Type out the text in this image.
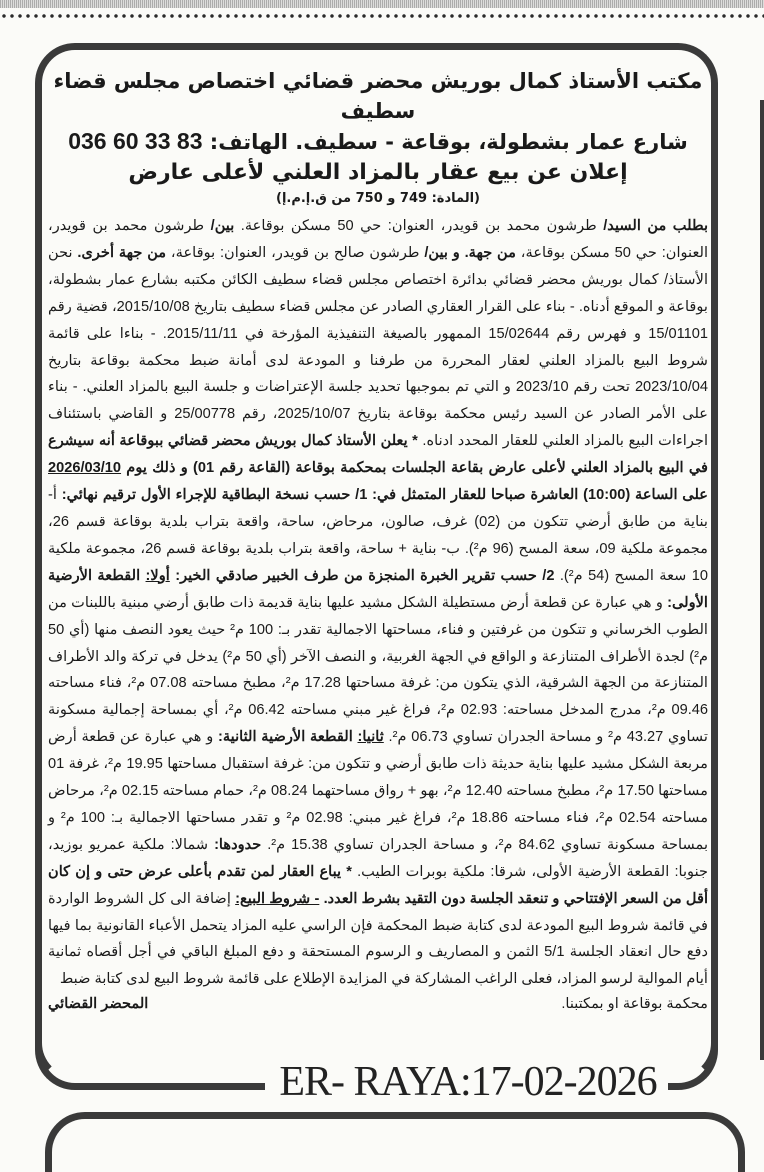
مكتب الأستاذ كمال بوريش محضر قضائي اختصاص مجلس قضاء سطيف

شارع عمار بشطولة، بوقاعة - سطيف. الهاتف: 036 60 33 83

إعلان عن بيع عقار بالمزاد العلني لأعلى عارض

(المادة: 749 و 750 من ق.إ.م.إ)

بطلب من السيد/ طرشون محمد بن قويدر، العنوان: حي 50 مسكن بوقاعة. بين/ طرشون محمد بن قويدر، العنوان: حي 50 مسكن بوقاعة، من جهة. و بين/ طرشون صالح بن قويدر، العنوان: بوقاعة، من جهة أخرى. نحن الأستاذ/ كمال بوريش محضر قضائي بدائرة اختصاص مجلس قضاء سطيف الكائن مكتبه بشارع عمار بشطولة، بوقاعة و الموقع أدناه. - بناء على القرار العقاري الصادر عن مجلس قضاء سطيف بتاريخ 2015/10/08، قضية رقم 15/01101 و فهرس رقم 15/02644 الممهور بالصيغة التنفيذية المؤرخة في 2015/11/11. - بناءا على قائمة شروط البيع بالمزاد العلني لعقار المحررة من طرفنا و المودعة لدى أمانة ضبط محكمة بوقاعة بتاريخ 2023/10/04 تحت رقم 2023/10 و التي تم بموجبها تحديد جلسة الإعتراضات و جلسة البيع بالمزاد العلني. - بناء على الأمر الصادر عن السيد رئيس محكمة بوقاعة بتاريخ 2025/10/07، رقم 25/00778 و القاضي باستئناف اجراءات البيع بالمزاد العلني للعقار المحدد ادناه. * يعلن الأستاذ كمال بوريش محضر قضائي ببوقاعة أنه سيشرع في البيع بالمزاد العلني لأعلى عارض بقاعة الجلسات بمحكمة بوقاعة (القاعة رقم 01) و ذلك يوم 2026/03/10 على الساعة (10:00) العاشرة صباحا للعقار المتمثل في: 1/ حسب نسخة البطاقية للإجراء الأول ترقيم نهائي: أ- بناية من طابق أرضي تتكون من (02) غرف، صالون، مرحاض، ساحة، واقعة بتراب بلدية بوقاعة قسم 26، مجموعة ملكية 09، سعة المسح (96 م²). ب- بناية + ساحة، واقعة بتراب بلدية بوقاعة قسم 26، مجموعة ملكية 10 سعة المسح (54 م²). 2/ حسب تقرير الخبرة المنجزة من طرف الخبير صادقي الخير: أولا: القطعة الأرضية الأولى: و هي عبارة عن قطعة أرض مستطيلة الشكل مشيد عليها بناية قديمة ذات طابق أرضي مبنية باللبنات من الطوب الخرساني و تتكون من غرفتين و فناء، مساحتها الاجمالية تقدر بـ: 100 م² حيث يعود النصف منها (أي 50 م²) لجدة الأطراف المتنازعة و الواقع في الجهة الغربية، و النصف الآخر (أي 50 م²) يدخل في تركة والد الأطراف المتنازعة من الجهة الشرقية، الذي يتكون من: غرفة مساحتها 17.28 م²، مطبخ مساحته 07.08 م²، فناء مساحته 09.46 م²، مدرج المدخل مساحته: 02.93 م²، فراغ غير مبني مساحته 06.42 م²، أي بمساحة إجمالية مسكونة تساوي 43.27 م² و مساحة الجدران تساوي 06.73 م². ثانيا: القطعة الأرضية الثانية: و هي عبارة عن قطعة أرض مربعة الشكل مشيد عليها بناية حديثة ذات طابق أرضي و تتكون من: غرفة استقبال مساحتها 19.95 م²، غرفة 01 مساحتها 17.50 م²، مطبخ مساحته 12.40 م²، بهو + رواق مساحتهما 08.24 م²، حمام مساحته 02.15 م²، مرحاض مساحته 02.54 م²، فناء مساحته 18.86 م²، فراغ غير مبني: 02.98 م² و تقدر مساحتها الاجمالية بـ: 100 م² و بمساحة مسكونة تساوي 84.62 م²، و مساحة الجدران تساوي 15.38 م². حدودها: شمالا: ملكية عمريو بوزيد، جنوبا: القطعة الأرضية الأولى، شرقا: ملكية بوبرات الطيب. * يباع العقار لمن تقدم بأعلى عرض حتى و إن كان أقل من السعر الإفتتاحي و تنعقد الجلسة دون التقيد بشرط العدد. - شروط البيع: إضافة الى كل الشروط الواردة في قائمة شروط البيع المودعة لدى كتابة ضبط المحكمة فإن الراسي عليه المزاد يتحمل الأعباء القانونية بما فيها دفع حال انعقاد الجلسة 5/1 الثمن و المصاريف و الرسوم المستحقة و دفع المبلغ الباقي في أجل أقصاه ثمانية أيام الموالية لرسو المزاد، فعلى الراغب المشاركة في المزايدة الإطلاع على قائمة شروط البيع لدى كتابة ضبط
محكمة بوقاعة او بمكتبنا.
المحضر القضائي
ER- RAYA:17-02-2026
